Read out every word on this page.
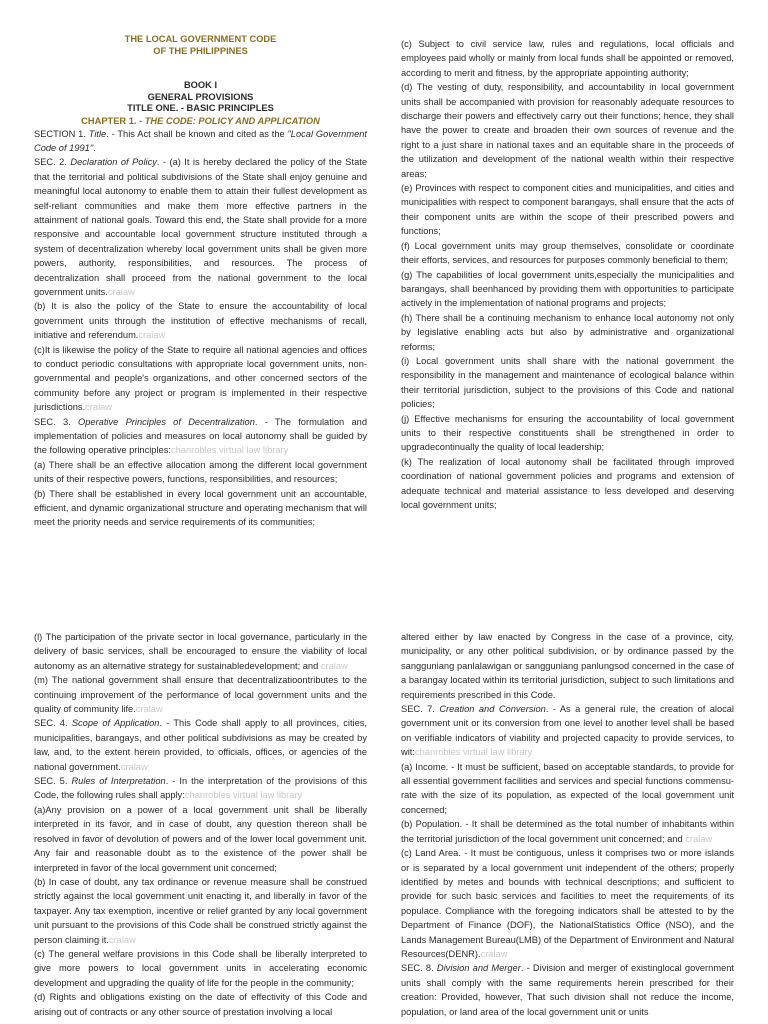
THE LOCAL GOVERNMENT CODE
OF THE PHILIPPINES
BOOK I
GENERAL PROVISIONS
TITLE ONE. - BASIC PRINCIPLES
CHAPTER 1. - THE CODE: POLICY AND APPLICATION

SECTION 1. Title. - This Act shall be known and cited as the "Local Government Code of 1991".

SEC. 2. Declaration of Policy. - (a) It is hereby declared the policy of the State that the territorial and political subdivisions of the State shall enjoy genuine and meaningful local autonomy to enable them to attain their fullest development as self-reliant communities and make them more effective partners in the attainment of national goals. Toward this end, the State shall provide for a more responsive and accountable local government structure instituted through a system of decentralization whereby local government units shall be given more powers, authority, responsibilities, and resources. The process of decentralization shall proceed from the national government to the local government units.cralaw

(b) It is also the policy of the State to ensure the accountability of local government units through the institution of effective mechanisms of recall, initiative and referendum.cralaw

(c)It is likewise the policy of the State to require all national agencies and offices to conduct periodic consultations with appropriate local government units, non-governmental and people's organizations, and other concerned sectors of the community before any project or program is implemented in their respective jurisdictions.cralaw

SEC. 3. Operative Principles of Decentralization. - The formulation and implementation of policies and measures on local autonomy shall be guided by the following operative principles:chanrobles virtual law library

(a) There shall be an effective allocation among the different local government units of their respective powers, functions, responsibilities, and resources;

(b) There shall be established in every local government unit an accountable, efficient, and dynamic organizational structure and operating mechanism that will meet the priority needs and service requirements of its communities;

(c) Subject to civil service law, rules and regulations, local officials and employees paid wholly or mainly from local funds shall be appointed or removed, according to merit and fitness, by the appropriate appointing authority;

(d) The vesting of duty, responsibility, and accountability in local government units shall be accompanied with provision for reasonably adequate resources to discharge their powers and effectively carry out their functions; hence, they shall have the power to create and broaden their own sources of revenue and the right to a just share in national taxes and an equitable share in the proceeds of the utilization and development of the national wealth within their respective areas;

(e) Provinces with respect to component cities and municipalities, and cities and municipalities with respect to component barangays, shall ensure that the acts of their component units are within the scope of their prescribed powers and functions;

(f) Local government units may group themselves, consolidate or coordinate their efforts, services, and resources for purposes commonly beneficial to them;

(g) The capabilities of local government units,especially the municipalities and barangays, shall beenhanced by providing them with opportunities to participate actively in the implementation of national programs and projects;

(h) There shall be a continuing mechanism to enhance local autonomy not only by legislative enabling acts but also by administrative and organizational reforms;

(i) Local government units shall share with the national government the responsibility in the management and maintenance of ecological balance within their territorial jurisdiction, subject to the provisions of this Code and national policies;

(j) Effective mechanisms for ensuring the accountability of local government units to their respective constituents shall be strengthened in order to upgradecontinually the quality of local leadership;

(k) The realization of local autonomy shall be facilitated through improved coordination of national government policies and programs and extension of adequate technical and material assistance to less developed and deserving local government units;

(l) The participation of the private sector in local governance, particularly in the delivery of basic services, shall be encouraged to ensure the viability of local autonomy as an alternative strategy for sustainabledevelopment; and cralaw

(m) The national government shall ensure that decentralizatioontributes to the continuing improvement of the performance of local government units and the quality of community life.cralaw

SEC. 4. Scope of Application. - This Code shall apply to all provinces, cities, municipalities, barangays, and other political subdivisions as may be created by law, and, to the extent herein provided, to officials, offices, or agencies of the national government.cralaw

SEC. 5. Rules of Interpretation. - In the interpretation of the provisions of this Code, the following rules shall apply:chanrobles virtual law library

(a)Any provision on a power of a local government unit shall be liberally interpreted in its favor, and in case of doubt, any question thereon shall be resolved in favor of devolution of powers and of the lower local government unit. Any fair and reasonable doubt as to the existence of the power shall be interpreted in favor of the local government unit concerned;

(b) In case of doubt, any tax ordinance or revenue measure shall be construed strictly against the local government unit enacting it, and liberally in favor of the taxpayer. Any tax exemption, incentive or relief granted by any local government unit pursuant to the provisions of this Code shall be construed strictly against the person claiming it.cralaw

(c) The general welfare provisions in this Code shall be liberally interpreted to give more powers to local government units in accelerating economic development and upgrading the quality of life for the people in the community;

(d) Rights and obligations existing on the date of effectivity of this Code and arising out of contracts or any other source of prestation involving a local

altered either by law enacted by Congress in the case of a province, city, municipality, or any other political subdivision, or by ordinance passed by the sangguniang panlalawigan or sangguniang panlungsod concerned in the case of a barangay located within its territorial jurisdiction, subject to such limitations and requirements prescribed in this Code.

SEC. 7. Creation and Conversion. - As a general rule, the creation of alocal government unit or its conversion from one level to another level shall be based on verifiable indicators of viability and projected capacity to provide services, to wit:chanrobles virtual law library

(a) Income. - It must be sufficient, based on acceptable standards, to provide for all essential government facilities and services and special functions commensu- rate with the size of its population, as expected of the local government unit concerned;

(b) Population. - It shall be determined as the total number of inhabitants within the territorial jurisdiction of the local government unit concerned; and cralaw

(c) Land Area. - It must be contiguous, unless it comprises two or more islands or is separated by a local government unit independent of the others; properly identified by metes and bounds with technical descriptions; and sufficient to provide for such basic services and facilities to meet the requirements of its populace. Compliance with the foregoing indicators shall be attested to by the Department of Finance (DOF), the NationalStatistics Office (NSO), and the Lands Management Bureau(LMB) of the Department of Environment and Natural Resources(DENR).cralaw

SEC. 8. Division and Merger. - Division and merger of existinglocal government units shall comply with the same requirements herein prescribed for their creation: Provided, however, That such division shall not reduce the income, population, or land area of the local government unit or units
